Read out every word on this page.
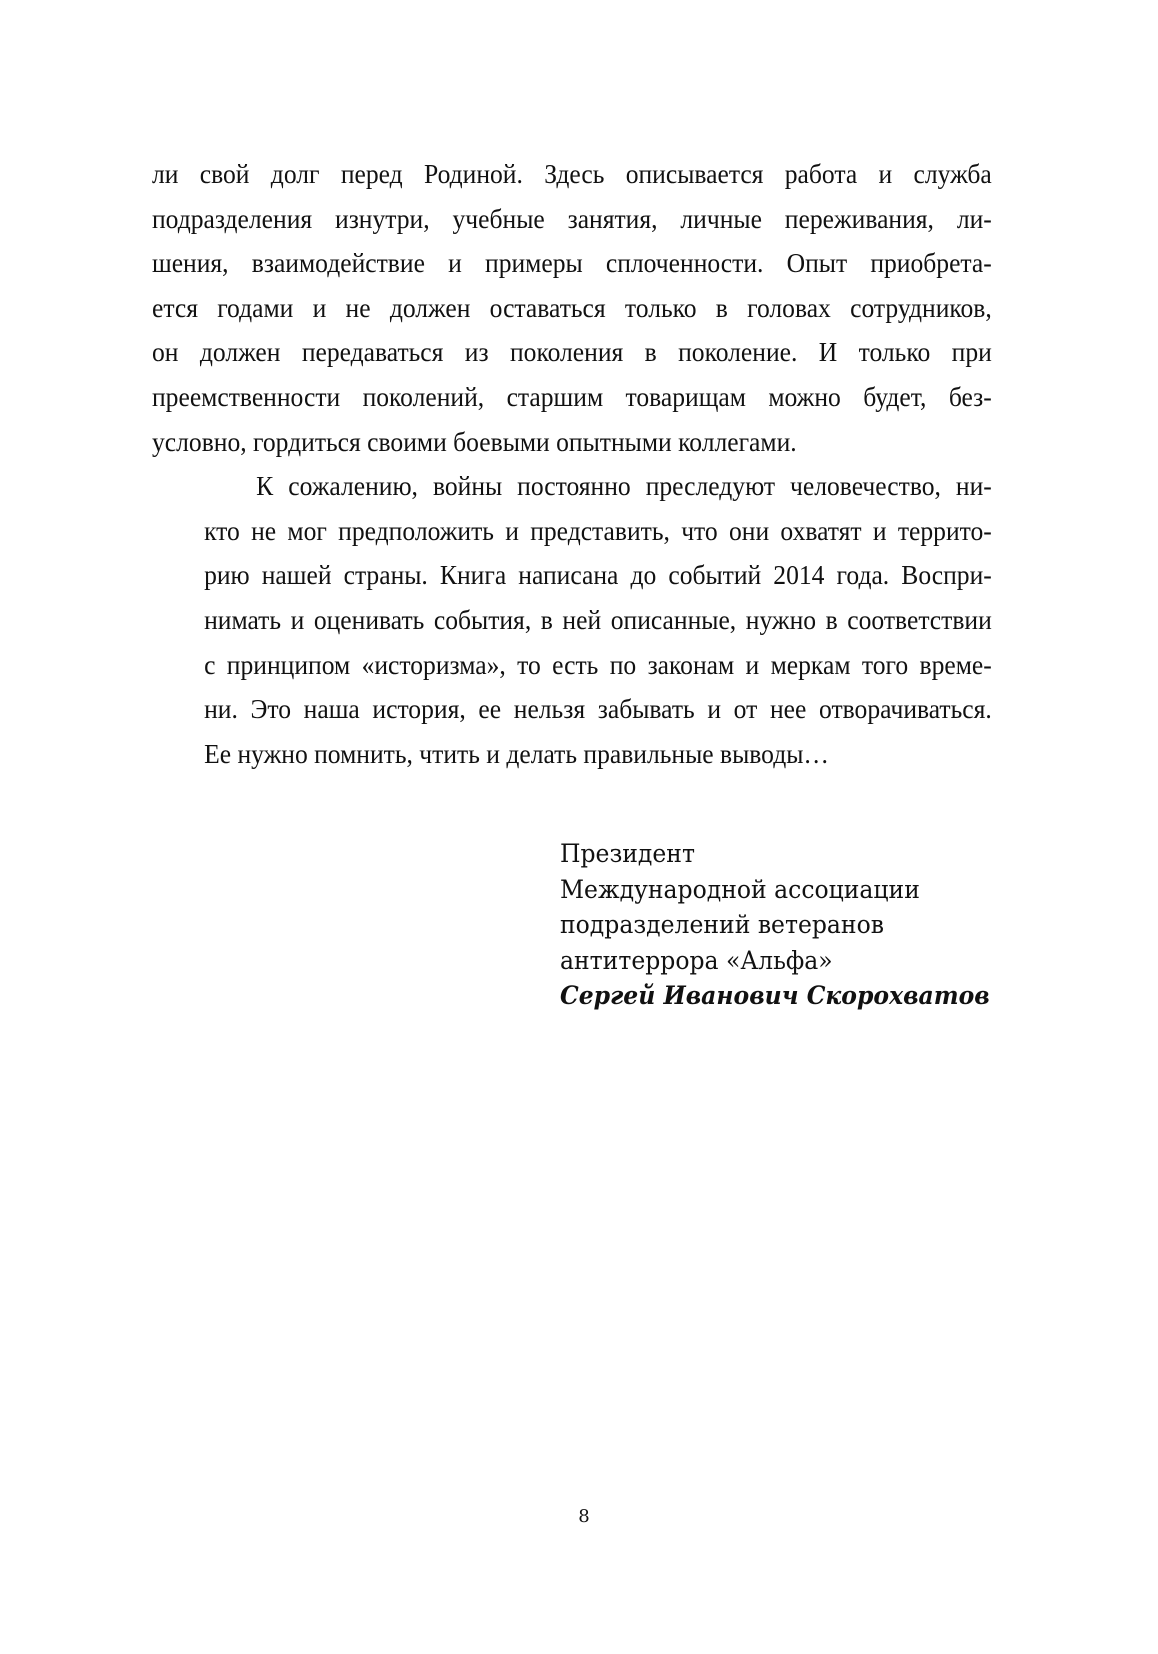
ли свой долг перед Родиной. Здесь описывается работа и служба
подразделения изнутри, учебные занятия, личные переживания, ли-
шения, взаимодействие и примеры сплоченности. Опыт приобрета-
ется годами и не должен оставаться только в головах сотрудников,
он должен передаваться из поколения в поколение. И только при
преемственности поколений, старшим товарищам можно будет, без-
условно, гордиться своими боевыми опытными коллегами.

К сожалению, войны постоянно преследуют человечество, ни-
кто не мог предположить и представить, что они охватят и террито-
рию нашей страны. Книга написана до событий 2014 года. Воспри-
нимать и оценивать события, в ней описанные, нужно в соответствии
с принципом «историзма», то есть по законам и меркам того време-
ни. Это наша история, ее нельзя забывать и от нее отворачиваться.
Ее нужно помнить, чтить и делать правильные выводы…

Президент
Международной ассоциации
подразделений ветеранов
антитеррора «Альфа»
Сергей Иванович Скорохватов
8
